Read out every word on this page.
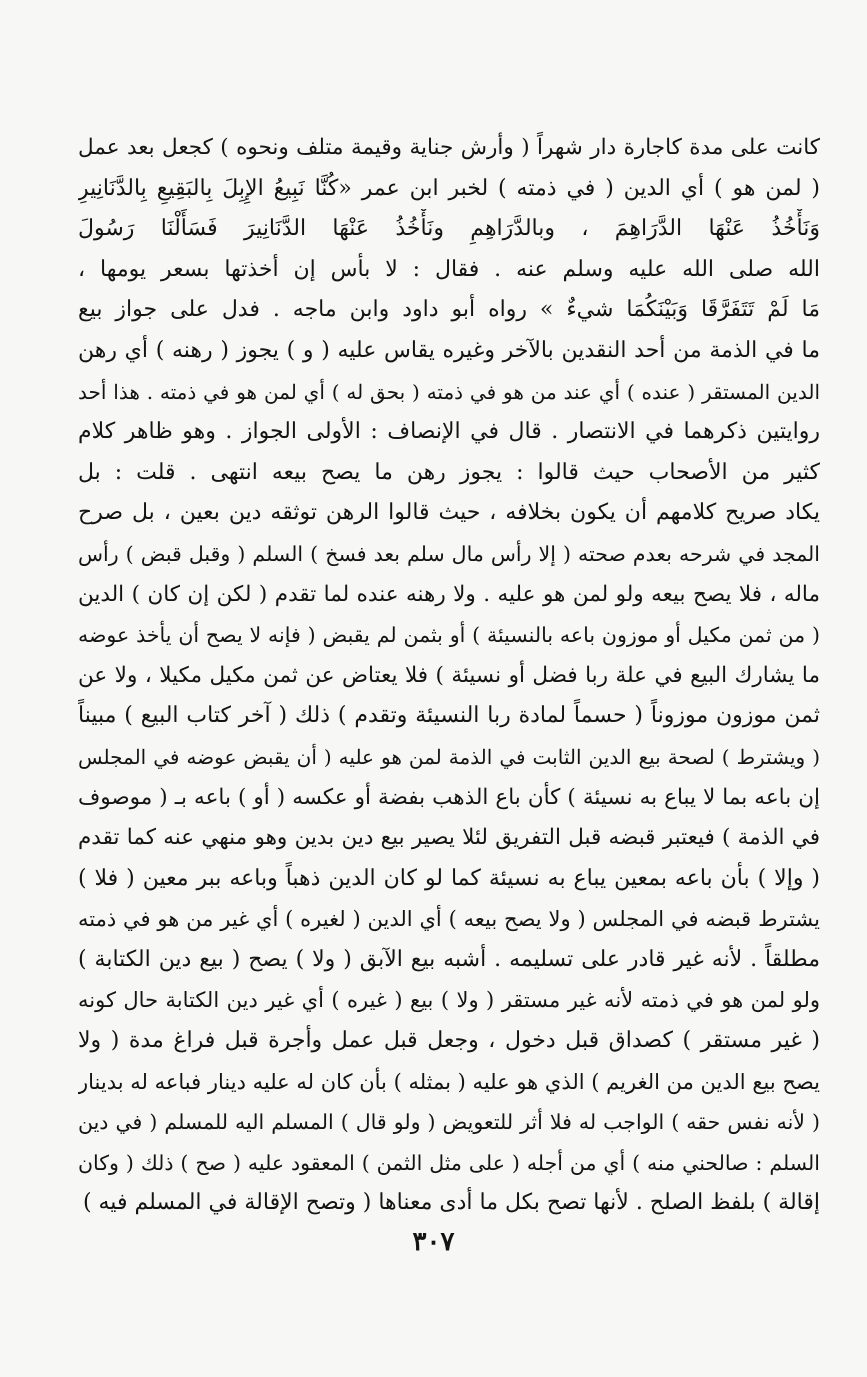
كانت على مدة كاجارة دار شهراً ( وأرش جناية وقيمة متلف ونحوه ) كجعل بعد عمل
( لمن هو ) أي الدين ( في ذمته ) لخبر ابن عمر «كُنَّا نَبِيعُ الإِبِلَ بِالبَقِيعِ بِالدَّنَانِيرِ
وَنَأْخُذُ عَنْهَا الدَّرَاهِمَ ، وبالدَّرَاهِمِ ونَأْخُذُ عَنْهَا الدَّنَانِيرَ فَسَأَلْنَا رَسُولَ
الله صلى الله عليه وسلم عنه . فقال : لا بأس إن أخذتها بسعر يومها ،
مَا لَمْ تَتَفَرَّقَا وَبَيْنَكُمَا شيءٌ » رواه أبو داود وابن ماجه . فدل على جواز بيع
ما في الذمة من أحد النقدين بالآخر وغيره يقاس عليه ( و ) يجوز ( رهنه ) أي رهن
الدين المستقر ( عنده ) أي عند من هو في ذمته ( بحق له ) أي لمن هو في ذمته . هذا أحد
روايتين ذكرهما في الانتصار . قال في الإنصاف : الأولى الجواز . وهو ظاهر كلام
كثير من الأصحاب حيث قالوا : يجوز رهن ما يصح بيعه انتهى . قلت : بل
يكاد صريح كلامهم أن يكون بخلافه ، حيث قالوا الرهن توثقه دين بعين ، بل صرح
المجد في شرحه بعدم صحته ( إلا رأس مال سلم بعد فسخ ) السلم ( وقبل قبض ) رأس
ماله ، فلا يصح بيعه ولو لمن هو عليه . ولا رهنه عنده لما تقدم ( لكن إن كان ) الدين
( من ثمن مكيل أو موزون باعه بالنسيئة ) أو بثمن لم يقبض ( فإنه لا يصح أن يأخذ عوضه
ما يشارك البيع في علة ربا فضل أو نسيئة ) فلا يعتاض عن ثمن مكيل مكيلا ، ولا عن
ثمن موزون موزوناً ( حسماً لمادة ربا النسيئة وتقدم ) ذلك ( آخر كتاب البيع ) مبيناً
( ويشترط ) لصحة بيع الدين الثابت في الذمة لمن هو عليه ( أن يقبض عوضه في المجلس
إن باعه بما لا يباع به نسيئة ) كأن باع الذهب بفضة أو عكسه ( أو ) باعه بـ ( موصوف
في الذمة ) فيعتبر قبضه قبل التفريق لئلا يصير بيع دين بدين وهو منهي عنه كما تقدم
( وإلا ) بأن باعه بمعين يباع به نسيئة كما لو كان الدين ذهباً وباعه ببر معين ( فلا )
يشترط قبضه في المجلس ( ولا يصح بيعه ) أي الدين ( لغيره ) أي غير من هو في ذمته
مطلقاً . لأنه غير قادر على تسليمه . أشبه بيع الآبق ( ولا ) يصح ( بيع دين الكتابة )
ولو لمن هو في ذمته لأنه غير مستقر ( ولا ) بيع ( غيره ) أي غير دين الكتابة حال كونه
( غير مستقر ) كصداق قبل دخول ، وجعل قبل عمل وأجرة قبل فراغ مدة ( ولا
يصح بيع الدين من الغريم ) الذي هو عليه ( بمثله ) بأن كان له عليه دينار فباعه له بدينار
( لأنه نفس حقه ) الواجب له فلا أثر للتعويض ( ولو قال ) المسلم اليه للمسلم ( في دين
السلم : صالحني منه ) أي من أجله ( على مثل الثمن ) المعقود عليه ( صح ) ذلك ( وكان
إقالة ) بلفظ الصلح . لأنها تصح بكل ما أدى معناها ( وتصح الإقالة في المسلم فيه )
٣٠٧
